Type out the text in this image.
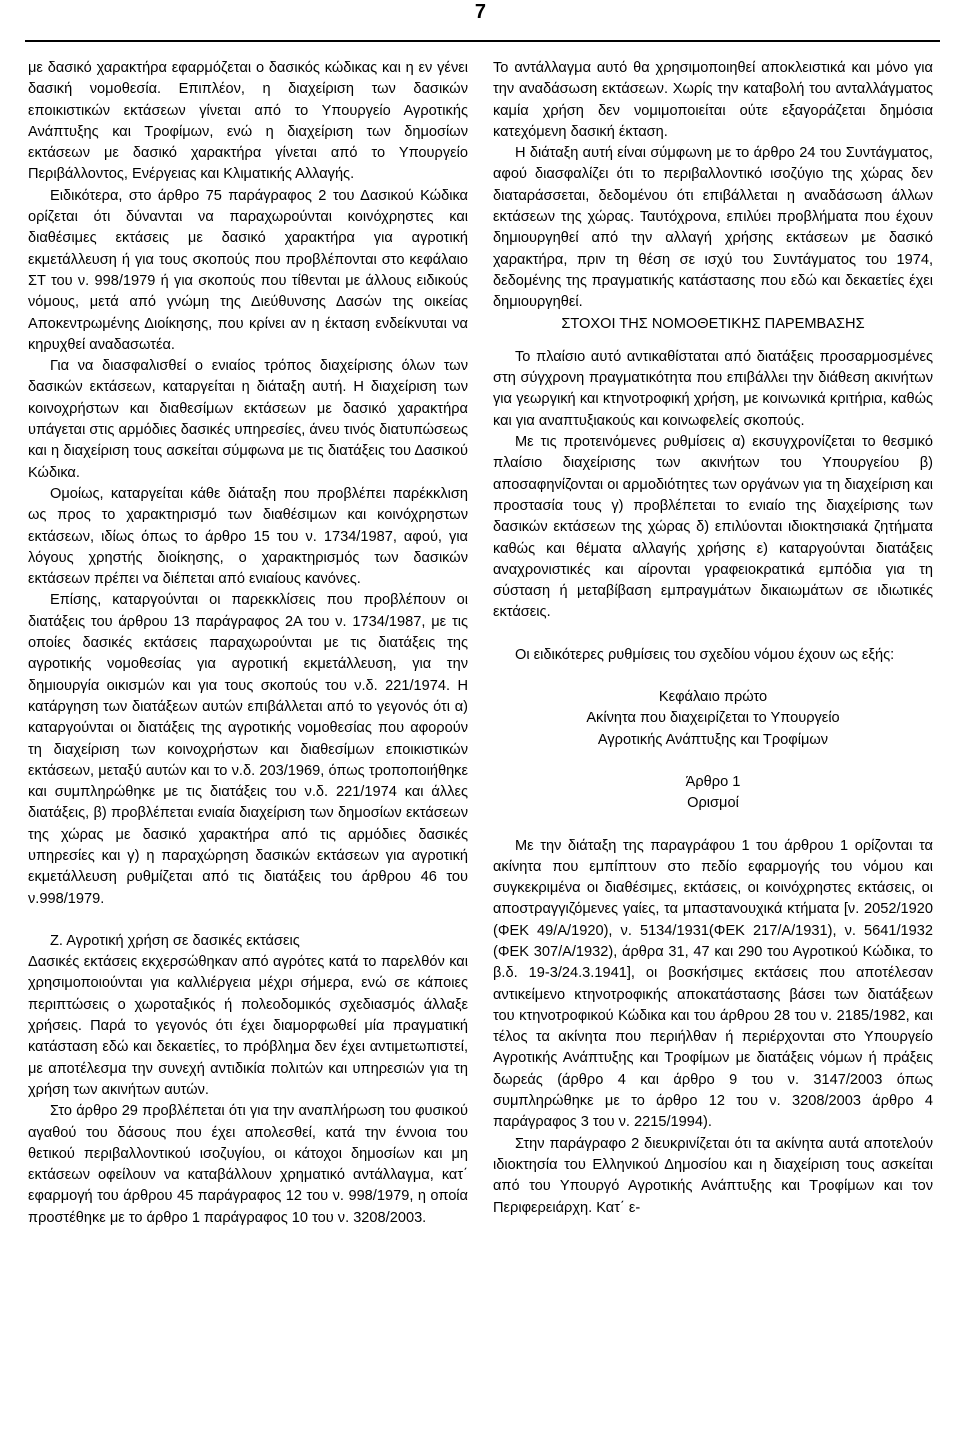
7

με δασικό χαρακτήρα εφαρμόζεται ο δασικός κώδικας και η εν γένει δασική νομοθεσία. Επιπλέον, η διαχείριση των δασικών εποικιστικών εκτάσεων γίνεται από το Υπουργείο Αγροτικής Ανάπτυξης και Τροφίμων, ενώ η διαχείριση των δημοσίων εκτάσεων με δασικό χαρακτήρα γίνεται από το Υπουργείο Περιβάλλοντος, Ενέργειας και Κλιματικής Αλλαγής.

Ειδικότερα, στο άρθρο 75 παράγραφος 2 του Δασικού Κώδικα ορίζεται ότι δύνανται να παραχωρούνται κοινόχρηστες και διαθέσιμες εκτάσεις με δασικό χαρακτήρα για αγροτική εκμετάλλευση ή για τους σκοπούς που προβλέπονται στο κεφάλαιο ΣΤ του ν. 998/1979 ή για σκοπούς που τίθενται με άλλους ειδικούς νόμους, μετά από γνώμη της Διεύθυνσης Δασών της οικείας Αποκεντρωμένης Διοίκησης, που κρίνει αν η έκταση ενδείκνυται να κηρυχθεί αναδασωτέα.

Για να διασφαλισθεί ο ενιαίος τρόπος διαχείρισης όλων των δασικών εκτάσεων, καταργείται η διάταξη αυτή. Η διαχείριση των κοινοχρήστων και διαθεσίμων εκτάσεων με δασικό χαρακτήρα υπάγεται στις αρμόδιες δασικές υπηρεσίες, άνευ τινός διατυπώσεως και η διαχείριση τους ασκείται σύμφωνα με τις διατάξεις του Δασικού Κώδικα.

Ομοίως, καταργείται κάθε διάταξη που προβλέπει παρέκκλιση ως προς το χαρακτηρισμό των διαθέσιμων και κοινόχρηστων εκτάσεων, ιδίως όπως το άρθρο 15 του ν. 1734/1987, αφού, για λόγους χρηστής διοίκησης, ο χαρακτηρισμός των δασικών εκτάσεων πρέπει να διέπεται από ενιαίους κανόνες.

Επίσης, καταργούνται οι παρεκκλίσεις που προβλέπουν οι διατάξεις του άρθρου 13 παράγραφος 2Α του ν. 1734/1987, με τις οποίες δασικές εκτάσεις παραχωρούνται με τις διατάξεις της αγροτικής νομοθεσίας για αγροτική εκμετάλλευση, για την δημιουργία οικισμών και για τους σκοπούς του ν.δ. 221/1974. Η κατάργηση των διατάξεων αυτών επιβάλλεται από το γεγονός ότι α) καταργούνται οι διατάξεις της αγροτικής νομοθεσίας που αφορούν τη διαχείριση των κοινοχρήστων και διαθεσίμων εποικιστικών εκτάσεων, μεταξύ αυτών και το ν.δ. 203/1969, όπως τροποποιήθηκε και συμπληρώθηκε με τις διατάξεις του ν.δ. 221/1974 και άλλες διατάξεις, β) προβλέπεται ενιαία διαχείριση των δημοσίων εκτάσεων της χώρας με δασικό χαρακτήρα από τις αρμόδιες δασικές υπηρεσίες και γ) η παραχώρηση δασικών εκτάσεων για αγροτική εκμετάλλευση ρυθμίζεται από τις διατάξεις του άρθρου 46 του ν.998/1979.

Ζ. Αγροτική χρήση σε δασικές εκτάσεις

Δασικές εκτάσεις εκχερσώθηκαν από αγρότες κατά το παρελθόν και χρησιμοποιούνται για καλλιέργεια μέχρι σήμερα, ενώ σε κάποιες περιπτώσεις ο χωροταξικός ή πολεοδομικός σχεδιασμός άλλαξε χρήσεις. Παρά το γεγονός ότι έχει διαμορφωθεί μία πραγματική κατάσταση εδώ και δεκαετίες, το πρόβλημα δεν έχει αντιμετωπιστεί, με αποτέλεσμα την συνεχή αντιδικία πολιτών και υπηρεσιών για τη χρήση των ακινήτων αυτών.

Στο άρθρο 29 προβλέπεται ότι για την αναπλήρωση του φυσικού αγαθού του δάσους που έχει απολεσθεί, κατά την έννοια του θετικού περιβαλλοντικού ισοζυγίου, οι κάτοχοι δημοσίων και μη εκτάσεων οφείλουν να καταβάλλουν χρηματικό αντάλλαγμα, κατ΄ εφαρμογή του άρθρου 45 παράγραφος 12 του ν. 998/1979, η οποία προστέθηκε με το άρθρο 1 παράγραφος 10 του ν. 3208/2003.

Το αντάλλαγμα αυτό θα χρησιμοποιηθεί αποκλειστικά και μόνο για την αναδάσωση εκτάσεων. Χωρίς την καταβολή του ανταλλάγματος καμία χρήση δεν νομιμοποιείται ούτε εξαγοράζεται δημόσια κατεχόμενη δασική έκταση.

Η διάταξη αυτή είναι σύμφωνη με το άρθρο 24 του Συντάγματος, αφού διασφαλίζει ότι το περιβαλλοντικό ισοζύγιο της χώρας δεν διαταράσσεται, δεδομένου ότι επιβάλλεται η αναδάσωση άλλων εκτάσεων της χώρας. Ταυτόχρονα, επιλύει προβλήματα που έχουν δημιουργηθεί από την αλλαγή χρήσης εκτάσεων με δασικό χαρακτήρα, πριν τη θέση σε ισχύ του Συντάγματος του 1974, δεδομένης της πραγματικής κατάστασης που εδώ και δεκαετίες έχει δημιουργηθεί.

ΣΤΟΧΟΙ ΤΗΣ ΝΟΜΟΘΕΤΙΚΗΣ ΠΑΡΕΜΒΑΣΗΣ

Το πλαίσιο αυτό αντικαθίσταται από διατάξεις προσαρμοσμένες στη σύγχρονη πραγματικότητα που επιβάλλει την διάθεση ακινήτων για γεωργική και κτηνοτροφική χρήση, με κοινωνικά κριτήρια, καθώς και για αναπτυξιακούς και κοινωφελείς σκοπούς.

Με τις προτεινόμενες ρυθμίσεις α) εκσυγχρονίζεται το θεσμικό πλαίσιο διαχείρισης των ακινήτων του Υπουργείου β) αποσαφηνίζονται οι αρμοδιότητες των οργάνων για τη διαχείριση και προστασία τους γ) προβλέπεται το ενιαίο της διαχείρισης των δασικών εκτάσεων της χώρας δ) επιλύονται ιδιοκτησιακά ζητήματα καθώς και θέματα αλλαγής χρήσης ε) καταργούνται διατάξεις αναχρονιστικές και αίρονται γραφειοκρατικά εμπόδια για τη σύσταση ή μεταβίβαση εμπραγμάτων δικαιωμάτων σε ιδιωτικές εκτάσεις.

Οι ειδικότερες ρυθμίσεις του σχεδίου νόμου έχουν ως εξής:

Κεφάλαιο πρώτο

Ακίνητα που διαχειρίζεται το Υπουργείο

Αγροτικής Ανάπτυξης και Τροφίμων

Άρθρο 1

Ορισμοί

Με την διάταξη της παραγράφου 1 του άρθρου 1 ορίζονται τα ακίνητα που εμπίπτουν στο πεδίο εφαρμογής του νόμου και συγκεκριμένα οι διαθέσιμες, εκτάσεις, οι κοινόχρηστες εκτάσεις, οι αποστραγγιζόμενες γαίες, τα μπαστανουχικά κτήματα [ν. 2052/1920 (ΦΕΚ 49/Α/1920), ν. 5134/1931(ΦΕΚ 217/Α/1931), ν. 5641/1932 (ΦΕΚ 307/Α/1932), άρθρα 31, 47 και 290 του Αγροτικού Κώδικα, το β.δ. 19-3/24.3.1941], οι βοσκήσιμες εκτάσεις που αποτέλεσαν αντικείμενο κτηνοτροφικής αποκατάστασης βάσει των διατάξεων του κτηνοτροφικού Κώδικα και του άρθρου 28 του ν. 2185/1982, και τέλος τα ακίνητα που περιήλθαν ή περιέρχονται στο Υπουργείο Αγροτικής Ανάπτυξης και Τροφίμων με διατάξεις νόμων ή πράξεις δωρεάς (άρθρο 4 και άρθρο 9 του ν. 3147/2003 όπως συμπληρώθηκε με το άρθρο 12 του ν. 3208/2003 άρθρο 4 παράγραφος 3 του ν. 2215/1994).

Στην παράγραφο 2 διευκρινίζεται ότι τα ακίνητα αυτά αποτελούν ιδιοκτησία του Ελληνικού Δημοσίου και η διαχείριση τους ασκείται από του Υπουργό Αγροτικής Ανάπτυξης και Τροφίμων και τον Περιφερειάρχη. Κατ΄ ε-
